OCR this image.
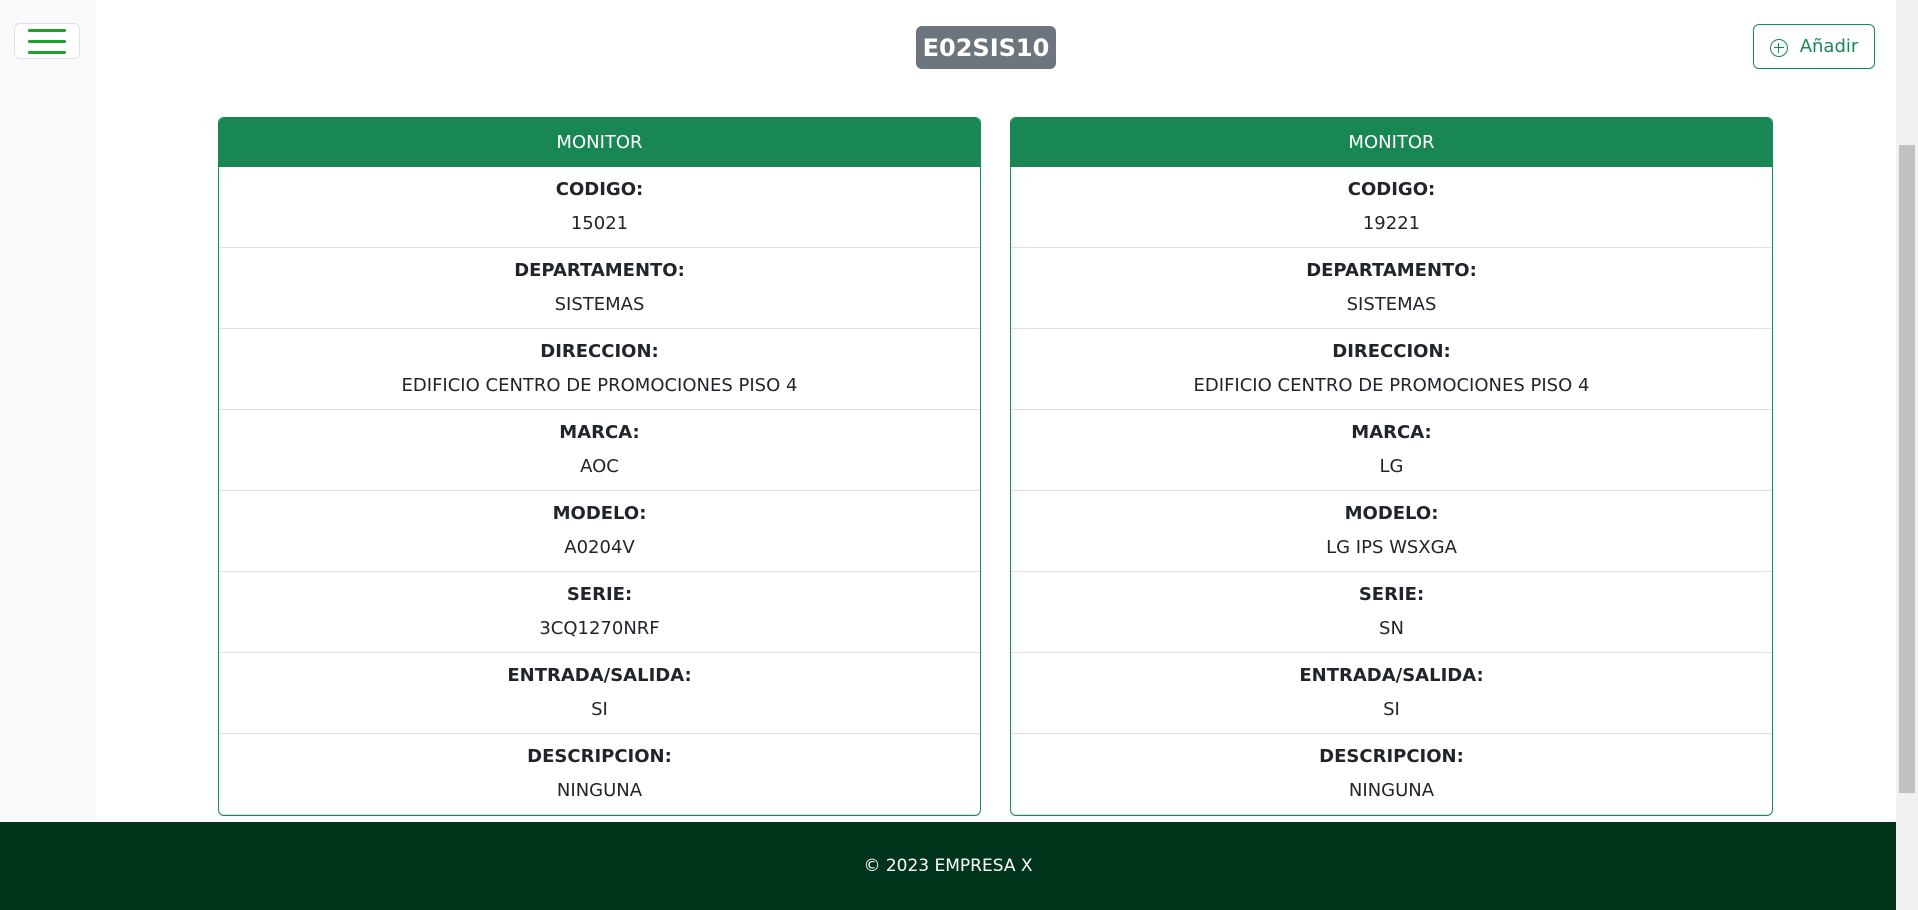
E02SIS10	Añadir
MONITOR
CODIGO:
15021
DEPARTAMENTO:
SISTEMAS
DIRECCION:
EDIFICIO CENTRO DE PROMOCIONES PISO 4
MARCA:
AOC
MODELO:
A0204V
SERIE:
3CQ1270NRF
ENTRADA/SALIDA:
SI
DESCRIPCION:
NINGUNA
MONITOR
CODIGO:
19221
DEPARTAMENTO:
SISTEMAS
DIRECCION:
EDIFICIO CENTRO DE PROMOCIONES PISO 4
MARCA:
LG
MODELO:
LG IPS WSXGA
SERIE:
SN
ENTRADA/SALIDA:
SI
DESCRIPCION:
NINGUNA
© 2023 EMPRESA X
